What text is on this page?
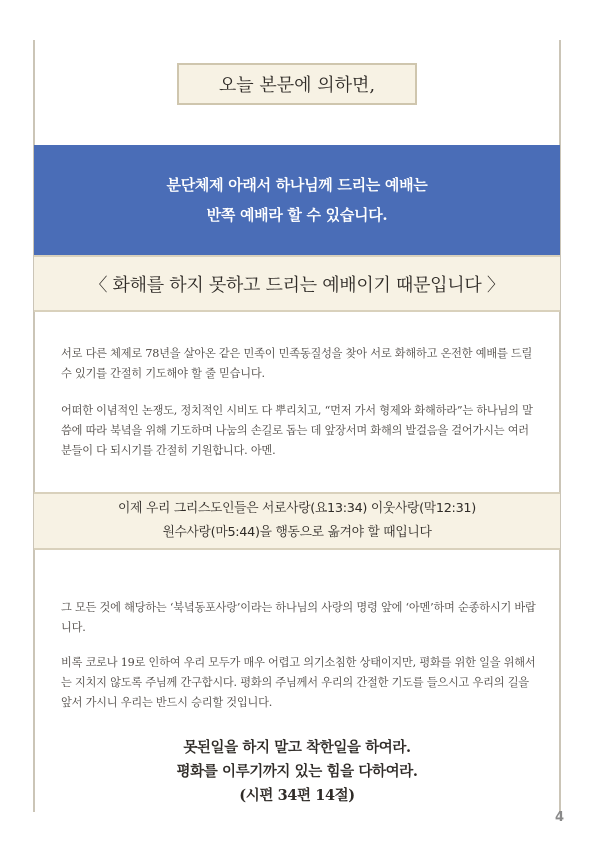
오늘 본문에 의하면,
분단체제 아래서 하나님께 드리는 예배는
반쪽 예배라 할 수 있습니다.
〈 화해를 하지 못하고 드리는 예배이기 때문입니다 〉

서로 다른 체제로 78년을 살아온 같은 민족이 민족동질성을 찾아 서로 화해하고 온전한 예배를 드릴 수 있기를 간절히 기도해야 할 줄 믿습니다.

어떠한 이념적인 논쟁도, 정치적인 시비도 다 뿌리치고, “먼저 가서 형제와 화해하라”는 하나님의 말씀에 따라 북녘을 위해 기도하며 나눔의 손길로 돕는 데 앞장서며 화해의 발걸음을 걸어가시는 여러분들이 다 되시기를 간절히 기원합니다. 아멘.

이제 우리 그리스도인들은 서로사랑(요13:34) 이웃사랑(막12:31)
원수사랑(마5:44)을 행동으로 옮겨야 할 때입니다

그 모든 것에 해당하는 ‘북녘동포사랑’이라는 하나님의 사랑의 명령 앞에 ‘아멘’하며 순종하시기 바랍니다.

비록 코로나 19로 인하여 우리 모두가 매우 어렵고 의기소침한 상태이지만, 평화를 위한 일을 위해서는 지치지 않도록 주님께 간구합시다. 평화의 주님께서 우리의 간절한 기도를 들으시고 우리의 길을 앞서 가시니 우리는 반드시 승리할 것입니다.

못된일을 하지 말고 착한일을 하여라.
평화를 이루기까지 있는 힘을 다하여라.
(시편 34편 14절)
4
